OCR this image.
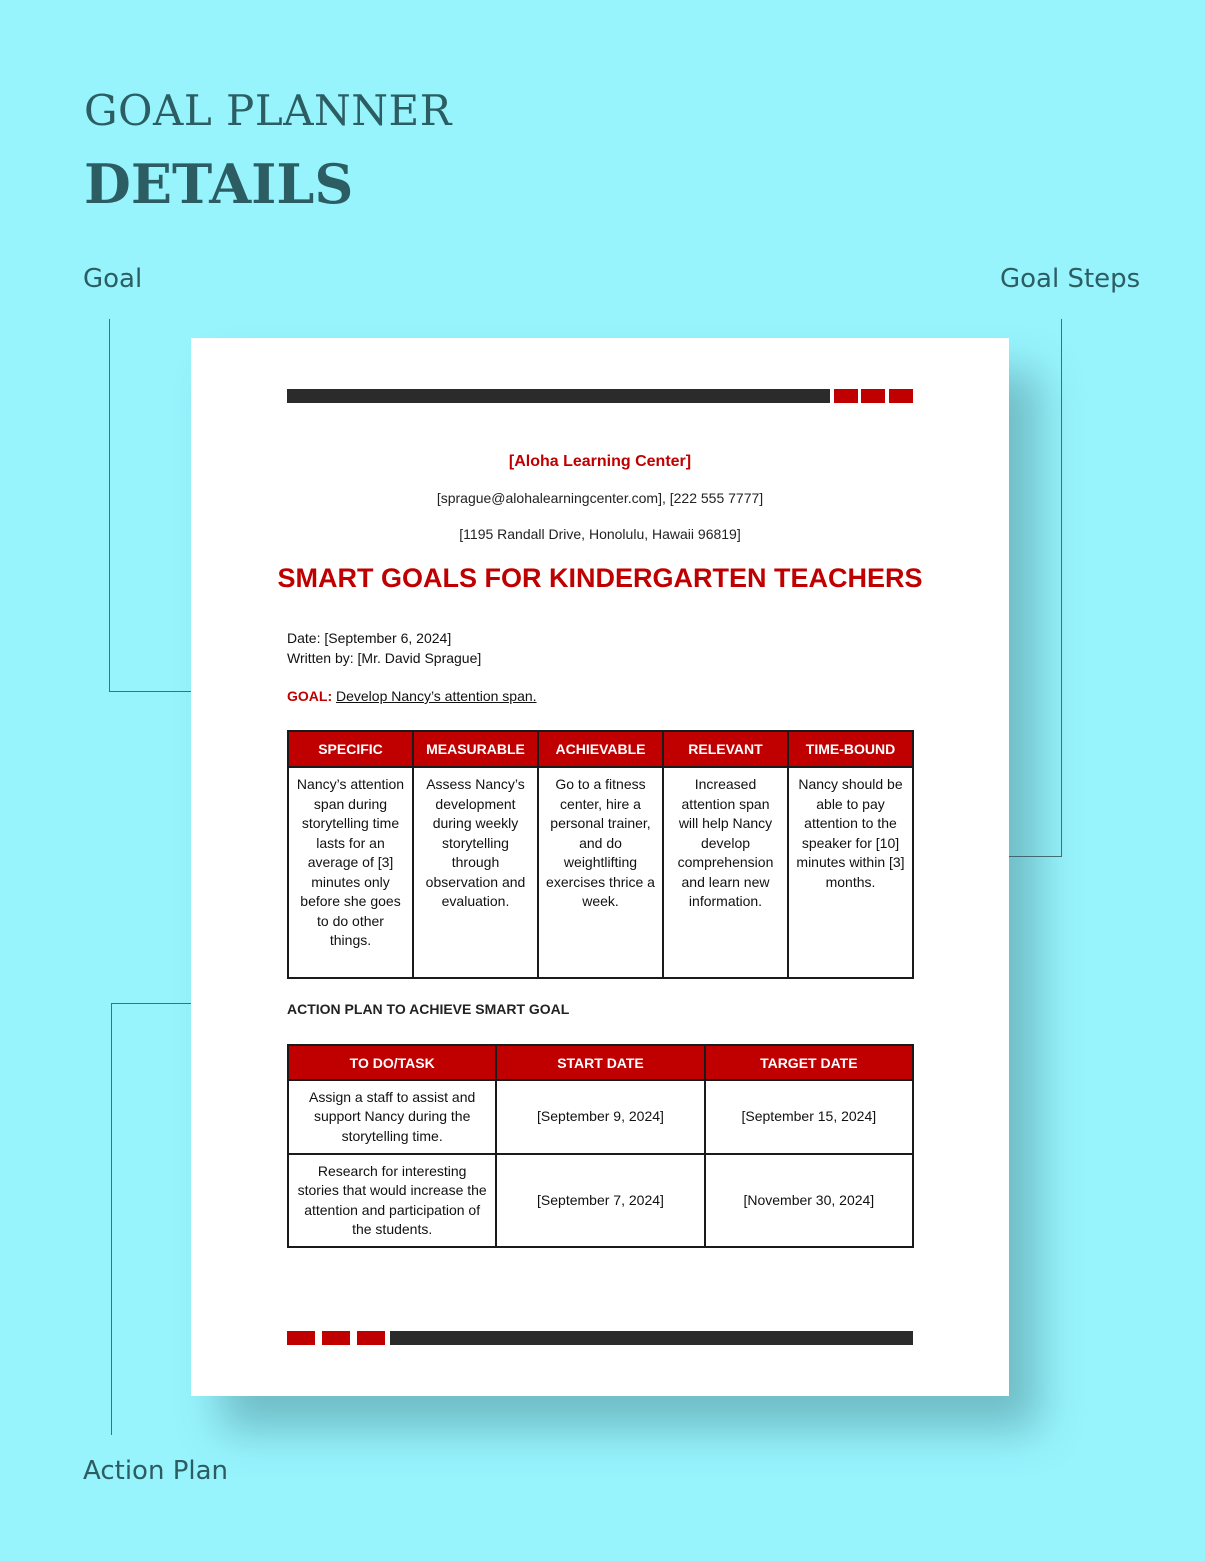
GOAL PLANNER
DETAILS
Goal	Goal Steps
Action Plan
[Aloha Learning Center]
[sprague@alohalearningcenter.com], [222 555 7777]
[1195 Randall Drive, Honolulu, Hawaii 96819]
SMART GOALS FOR KINDERGARTEN TEACHERS
Date: [September 6, 2024]
Written by: [Mr. David Sprague]
GOAL: Develop Nancy’s attention span.
SPECIFIC	MEASURABLE	ACHIEVABLE	RELEVANT	TIME-BOUND
Nancy’s attention span during storytelling time lasts for an average of [3] minutes only before she goes to do other things.	Assess Nancy’s development during weekly storytelling through observation and evaluation.	Go to a fitness center, hire a personal trainer, and do weightlifting exercises thrice a week.	Increased attention span will help Nancy develop comprehension and learn new information.	Nancy should be able to pay attention to the speaker for [10] minutes within [3] months.
ACTION PLAN TO ACHIEVE SMART GOAL
TO DO/TASK	START DATE	TARGET DATE
Assign a staff to assist and support Nancy during the storytelling time.	[September 9, 2024]	[September 15, 2024]
Research for interesting stories that would increase the attention and participation of the students.	[September 7, 2024]	[November 30, 2024]
